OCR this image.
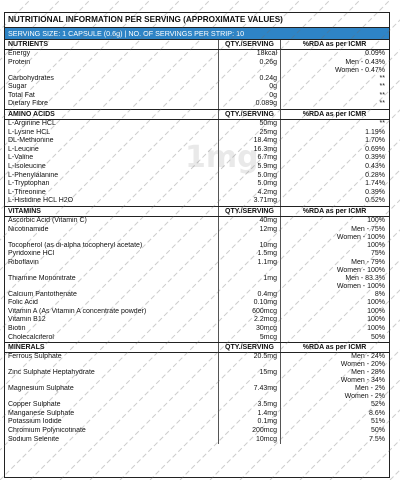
NUTRITIONAL INFORMATION PER SERVING (APPROXIMATE VALUES)
SERVING SIZE: 1 CAPSULE (0.6g) | NO. OF SERVINGS PER STRIP: 10
NUTRIENTS	QTY./SERVING	%RDA as per ICMR
Energy	18kcal	0.09%
Protein	0.26g	Men - 0.43%
Women - 0.47%
Carbohydrates	0.24g	**
Sugar	0g	**
Total Fat	0g	**
Dietary Fibre	0.089g	**
AMINO ACIDS	QTY./SERVING	%RDA as per ICMR
L-Arginine HCL	50mg	**
L-Lysine HCL	25mg	1.19%
DL-Methionine	18.4mg	1.70%
L-Leucine	16.3mg	0.69%
L-Valine	6.7mg	0.39%
L-Isoleucine	5.9mg	0.43%
L-Phenylalanine	5.0mg	0.28%
L-Tryptophan	5.0mg	1.74%
L-Threonine	4.2mg	0.39%
L-Histidine HCL H2O	3.71mg	0.52%
VITAMINS	QTY./SERVING	%RDA as per ICMR
Ascorbic Acid (Vitamin C)	40mg	100%
Nicotinamide	12mg	Men - 75%
Women - 100%
Tocopherol (as di-alpha tocopheryl acetate)	10mg	100%
Pyridoxine HCl	1.5mg	75%
Riboflavin	1.1mg	Men - 79%
Women - 100%
Thiamine Mononitrate	1mg	Men - 83.3%
Women - 100%
Calcium Pantothenate	0.4mg	8%
Folic Acid	0.10mg	100%
Vitamin A (As Vitamin A concentrate powder)	600mcg	100%
Vitamin B12	2.2mcg	100%
Biotin	30mcg	100%
Cholecalciferol	5mcg	50%
MINERALS	QTY./SERVING	%RDA as per ICMR
Ferrous Sulphate	20.5mg	Men - 24%
Women - 20%
Zinc Sulphate Heptahydrate	15mg	Men - 28%
Women - 34%
Magnesium Sulphate	7.43mg	Men - 2%
Women - 2%
Copper Sulphate	3.5mg	52%
Manganese Sulphate	1.4mg	8.6%
Potassium Iodide	0.1mg	51%
Chromium Polynicotinate	200mcg	50%
Sodium Selenite	10mcg	7.5%
1mg
